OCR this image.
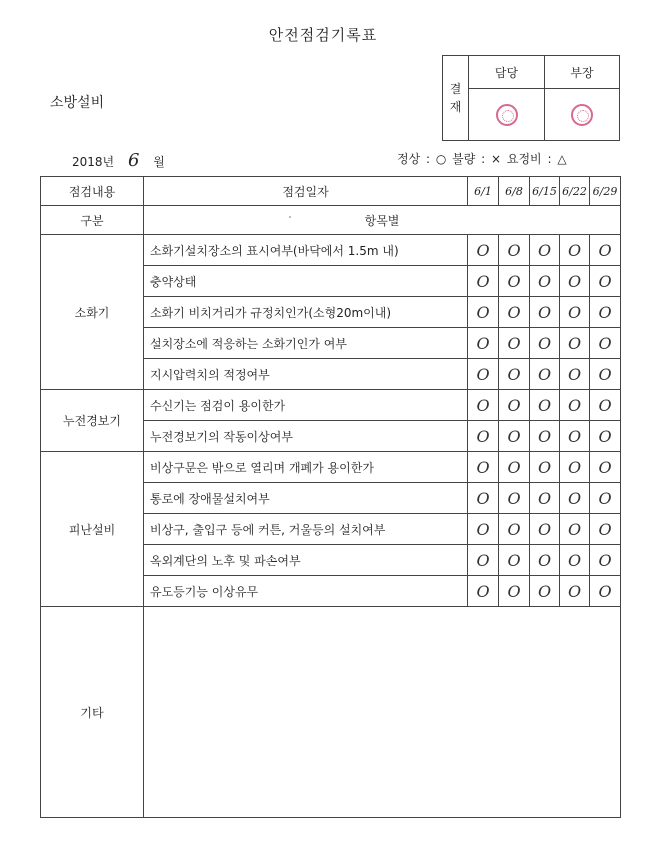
안전점검기록표
소방설비
결
재
담당	부장
2018년 6 월	정상 : ○ 불량 : × 요정비 : △
점검내용	점검일자	6/1	6/8	6/15	6/22	6/29
구분	항목별					
소화기	소화기설치장소의 표시여부(바닥에서 1.5m 내)	O	O	O	O	O
	충약상태	O	O	O	O	O
	소화기 비치거리가 규정치인가(소형20m이내)	O	O	O	O	O
	설치장소에 적응하는 소화기인가 여부	O	O	O	O	O
	지시압력치의 적정여부	O	O	O	O	O
누전경보기	수신기는 점검이 용이한가	O	O	O	O	O
	누전경보기의 작동이상여부	O	O	O	O	O
피난설비	비상구문은 밖으로 열리며 개폐가 용이한가	O	O	O	O	O
	통로에 장애물설치여부	O	O	O	O	O
	비상구, 출입구 등에 커튼, 거울등의 설치여부	O	O	O	O	O
	옥외계단의 노후 및 파손여부	O	O	O	O	O
	유도등기능 이상유무	O	O	O	O	O
기타						
